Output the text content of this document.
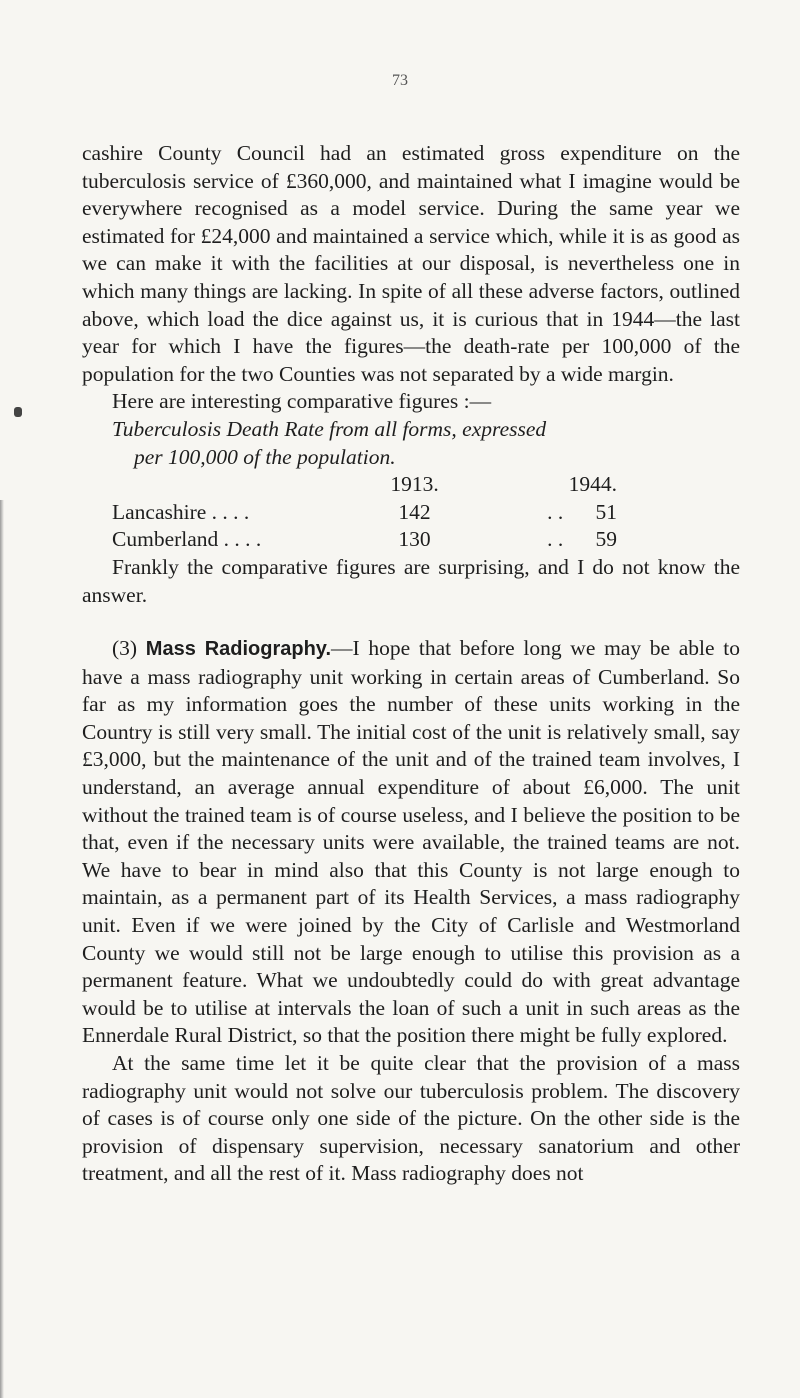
73

cashire County Council had an estimated gross expenditure on the tuberculosis service of £360,000, and maintained what I imagine would be everywhere recognised as a model service. During the same year we estimated for £24,000 and maintained a service which, while it is as good as we can make it with the facilities at our disposal, is nevertheless one in which many things are lacking. In spite of all these adverse factors, outlined above, which load the dice against us, it is curious that in 1944—the last year for which I have the figures—the death-rate per 100,000 of the population for the two Counties was not separated by a wide margin.

Here are interesting comparative figures :—

Tuberculosis Death Rate from all forms, expressed
per 100,000 of the population.

	1913.	1944.
Lancashire . . . .	142	. . 51
Cumberland . . . .	130	. . 59

Frankly the comparative figures are surprising, and I do not know the answer.

(3) Mass Radiography.—I hope that before long we may be able to have a mass radiography unit working in certain areas of Cumberland. So far as my information goes the number of these units working in the Country is still very small. The initial cost of the unit is relatively small, say £3,000, but the maintenance of the unit and of the trained team involves, I understand, an average annual expenditure of about £6,000. The unit without the trained team is of course useless, and I believe the position to be that, even if the necessary units were available, the trained teams are not. We have to bear in mind also that this County is not large enough to maintain, as a permanent part of its Health Services, a mass radiography unit. Even if we were joined by the City of Carlisle and Westmorland County we would still not be large enough to utilise this provision as a permanent feature. What we undoubtedly could do with great advantage would be to utilise at intervals the loan of such a unit in such areas as the Ennerdale Rural District, so that the position there might be fully explored.

At the same time let it be quite clear that the provision of a mass radiography unit would not solve our tuberculosis problem. The discovery of cases is of course only one side of the picture. On the other side is the provision of dispensary supervision, necessary sanatorium and other treatment, and all the rest of it. Mass radiography does not
